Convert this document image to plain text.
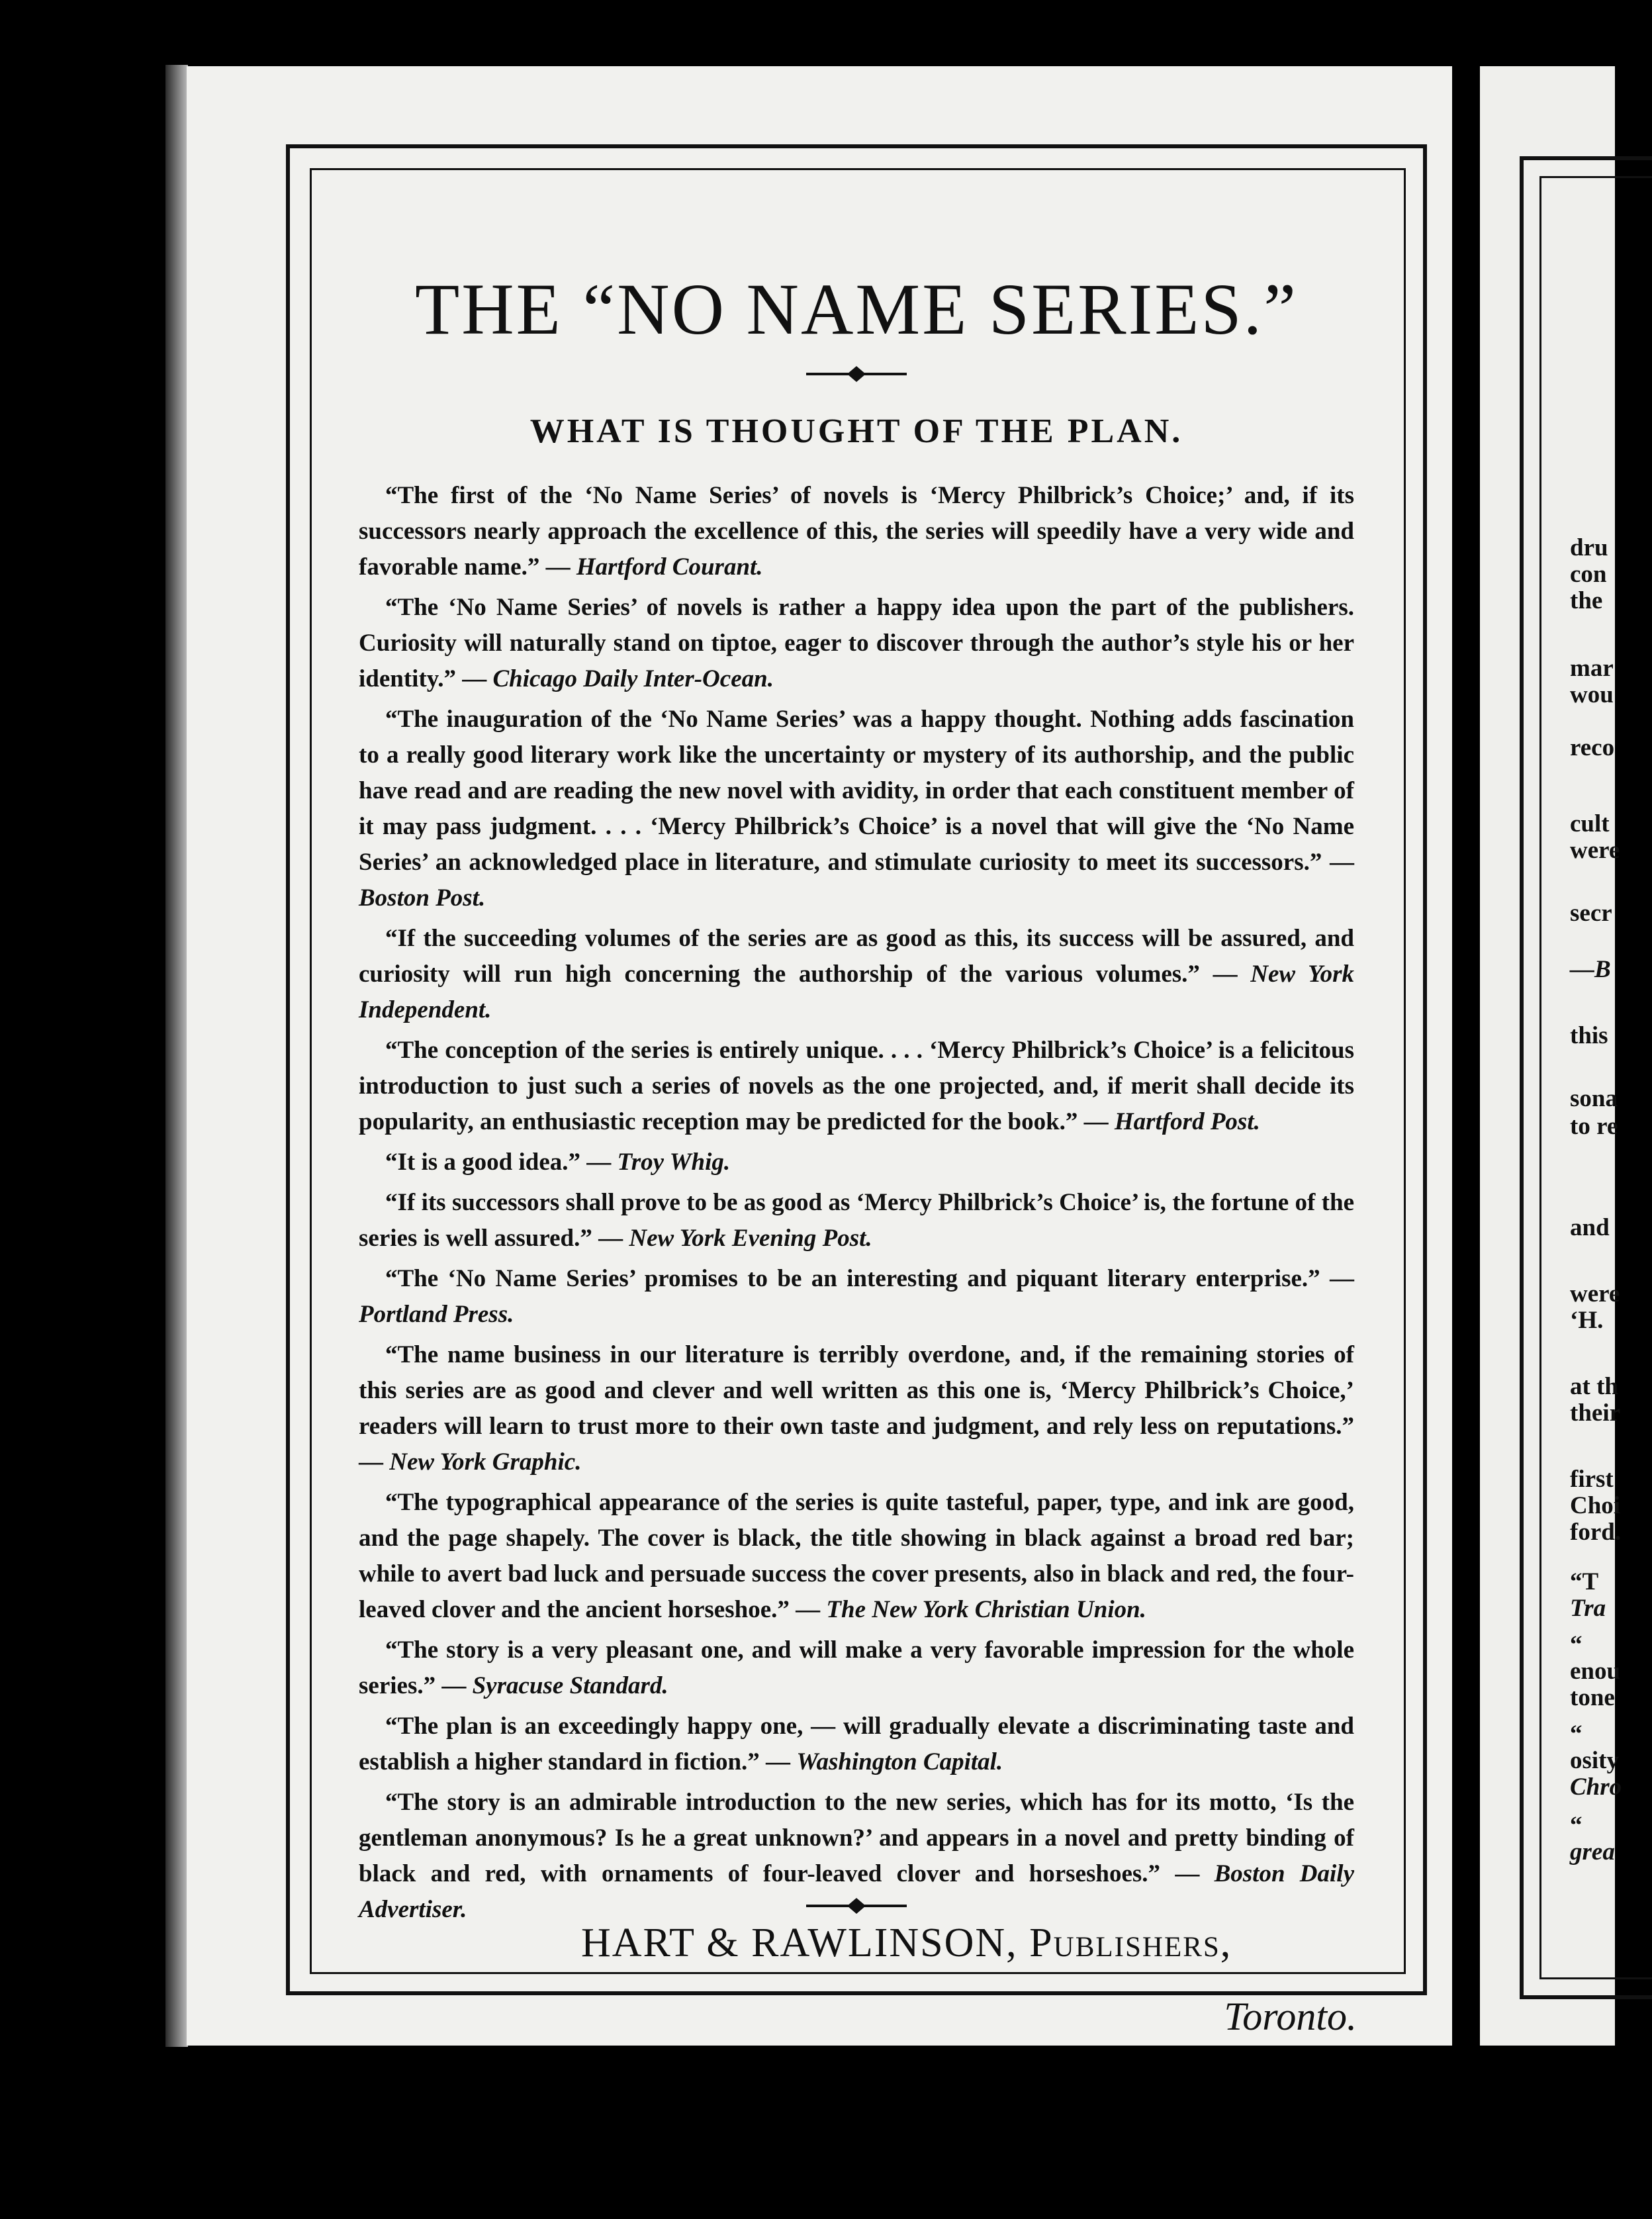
THE “NO NAME SERIES.”
WHAT IS THOUGHT OF THE PLAN.

“The first of the ‘No Name Series’ of novels is ‘Mercy Philbrick’s Choice;’ and, if its successors nearly approach the excellence of this, the series will speedily have a very wide and favorable name.” — Hartford Courant.

“The ‘No Name Series’ of novels is rather a happy idea upon the part of the publishers. Curiosity will naturally stand on tiptoe, eager to discover through the author’s style his or her identity.” — Chicago Daily Inter-Ocean.

“The inauguration of the ‘No Name Series’ was a happy thought. Nothing adds fascination to a really good literary work like the uncertainty or mystery of its authorship, and the public have read and are reading the new novel with avidity, in order that each constituent member of it may pass judgment. . . . ‘Mercy Philbrick’s Choice’ is a novel that will give the ‘No Name Series’ an acknowledged place in literature, and stimulate curiosity to meet its successors.” — Boston Post.

“If the succeeding volumes of the series are as good as this, its success will be assured, and curiosity will run high concerning the authorship of the various volumes.” — New York Independent.

“The conception of the series is entirely unique. . . . ‘Mercy Philbrick’s Choice’ is a felicitous introduction to just such a series of novels as the one projected, and, if merit shall decide its popularity, an enthusiastic reception may be predicted for the book.” — Hartford Post.

“It is a good idea.” — Troy Whig.

“If its successors shall prove to be as good as ‘Mercy Philbrick’s Choice’ is, the fortune of the series is well assured.” — New York Evening Post.

“The ‘No Name Series’ promises to be an interesting and piquant literary enterprise.” — Portland Press.

“The name business in our literature is terribly overdone, and, if the remaining stories of this series are as good and clever and well written as this one is, ‘Mercy Philbrick’s Choice,’ readers will learn to trust more to their own taste and judgment, and rely less on reputations.” — New York Graphic.

“The typographical appearance of the series is quite tasteful, paper, type, and ink are good, and the page shapely. The cover is black, the title showing in black against a broad red bar; while to avert bad luck and persuade success the cover presents, also in black and red, the four-leaved clover and the ancient horseshoe.” — The New York Christian Union.

“The story is a very pleasant one, and will make a very favorable impression for the whole series.” — Syracuse Standard.

“The plan is an exceedingly happy one, — will gradually elevate a discriminating taste and establish a higher standard in fiction.” — Washington Capital.

“The story is an admirable introduction to the new series, which has for its motto, ‘Is the gentleman anonymous? Is he a great unknown?’ and appears in a novel and pretty binding of black and red, with ornaments of four-leaved clover and horseshoes.” — Boston Daily Advertiser.

HART & RAWLINSON, Publishers,
Toronto.
dru
con
the
mar
wou
reco
cult
were
secr
—B
this
sona
to re
and
were
‘H.
at th
their
first
Choi
ford.
“T
Tra
“
enou
tone
“
osity
Chro
“
grea
